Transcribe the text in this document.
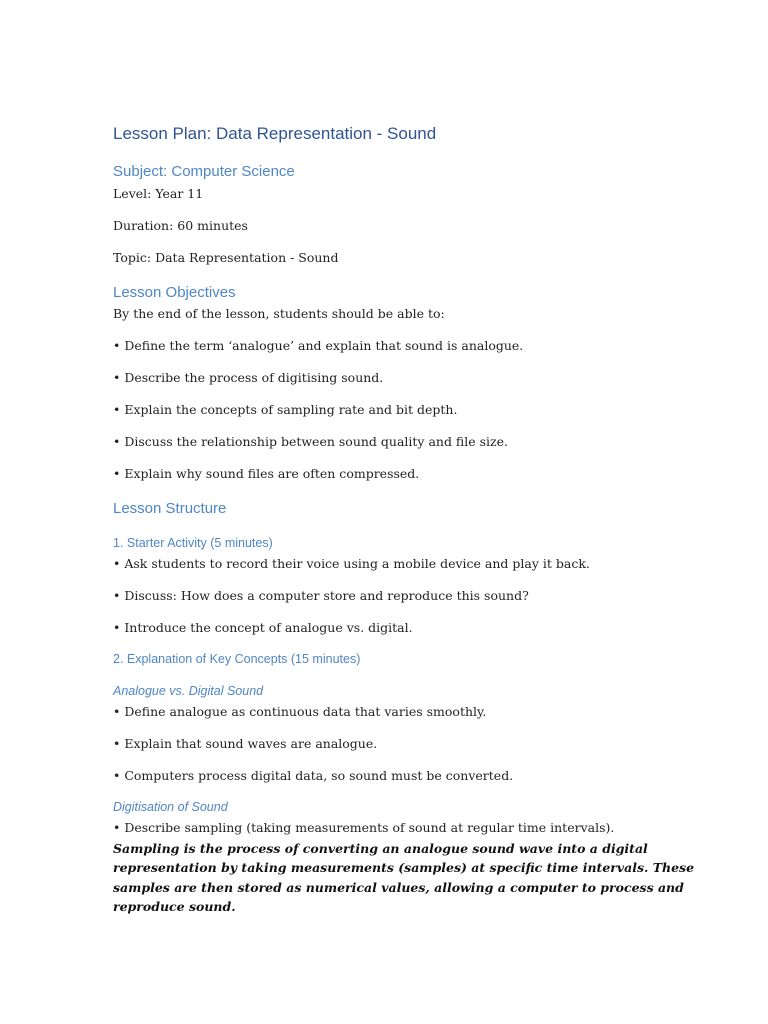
Lesson Plan: Data Representation - Sound
Subject: Computer Science
Level: Year 11
Duration: 60 minutes
Topic: Data Representation - Sound
Lesson Objectives
By the end of the lesson, students should be able to:
• Define the term ‘analogue’ and explain that sound is analogue.
• Describe the process of digitising sound.
• Explain the concepts of sampling rate and bit depth.
• Discuss the relationship between sound quality and file size.
• Explain why sound files are often compressed.
Lesson Structure
1. Starter Activity (5 minutes)
• Ask students to record their voice using a mobile device and play it back.
• Discuss: How does a computer store and reproduce this sound?
• Introduce the concept of analogue vs. digital.
2. Explanation of Key Concepts (15 minutes)
Analogue vs. Digital Sound
• Define analogue as continuous data that varies smoothly.
• Explain that sound waves are analogue.
• Computers process digital data, so sound must be converted.
Digitisation of Sound
• Describe sampling (taking measurements of sound at regular time intervals).
Sampling is the process of converting an analogue sound wave into a digital
representation by taking measurements (samples) at specific time intervals. These
samples are then stored as numerical values, allowing a computer to process and
reproduce sound.
